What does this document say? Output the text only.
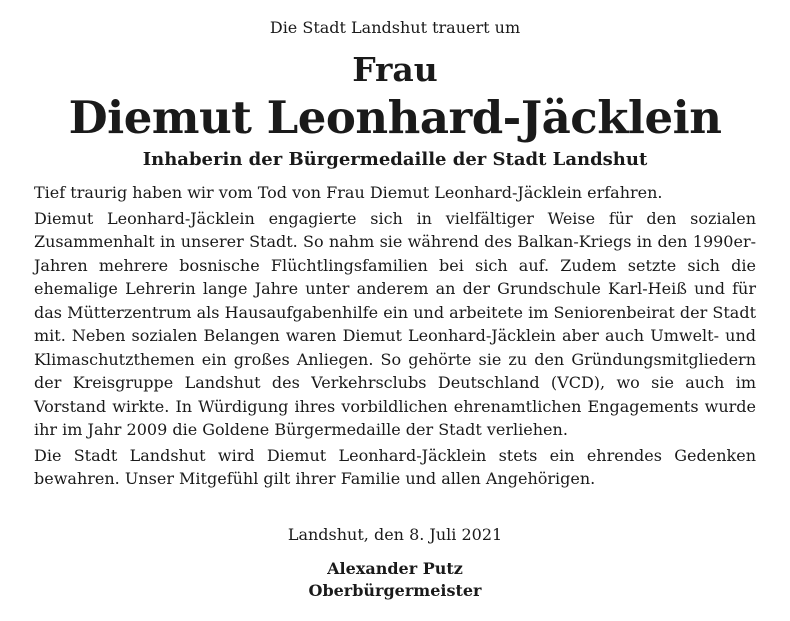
Die Stadt Landshut trauert um
Frau
Diemut Leonhard-Jäcklein
Inhaberin der Bürgermedaille der Stadt Landshut

Tief traurig haben wir vom Tod von Frau Diemut Leonhard-Jäcklein erfahren.

Diemut Leonhard-Jäcklein engagierte sich in vielfältiger Weise für den sozialen Zusammenhalt in unserer Stadt. So nahm sie während des Balkan-Kriegs in den 1990er-Jahren mehrere bosnische Flüchtlingsfamilien bei sich auf. Zudem setzte sich die ehemalige Lehrerin lange Jahre unter anderem an der Grundschule Karl-Heiß und für das Mütterzentrum als Hausaufgabenhilfe ein und arbeitete im Seniorenbeirat der Stadt mit. Neben sozialen Belangen waren Diemut Leonhard-Jäcklein aber auch Umwelt- und Klimaschutzthemen ein großes Anliegen. So gehörte sie zu den Gründungsmitgliedern der Kreisgruppe Landshut des Verkehrsclubs Deutschland (VCD), wo sie auch im Vorstand wirkte. In Würdigung ihres vorbildlichen ehrenamtlichen Engagements wurde ihr im Jahr 2009 die Goldene Bürgermedaille der Stadt verliehen.

Die Stadt Landshut wird Diemut Leonhard-Jäcklein stets ein ehrendes Gedenken bewahren. Unser Mitgefühl gilt ihrer Familie und allen Angehörigen.

Landshut, den 8. Juli 2021
Alexander Putz
Oberbürgermeister
